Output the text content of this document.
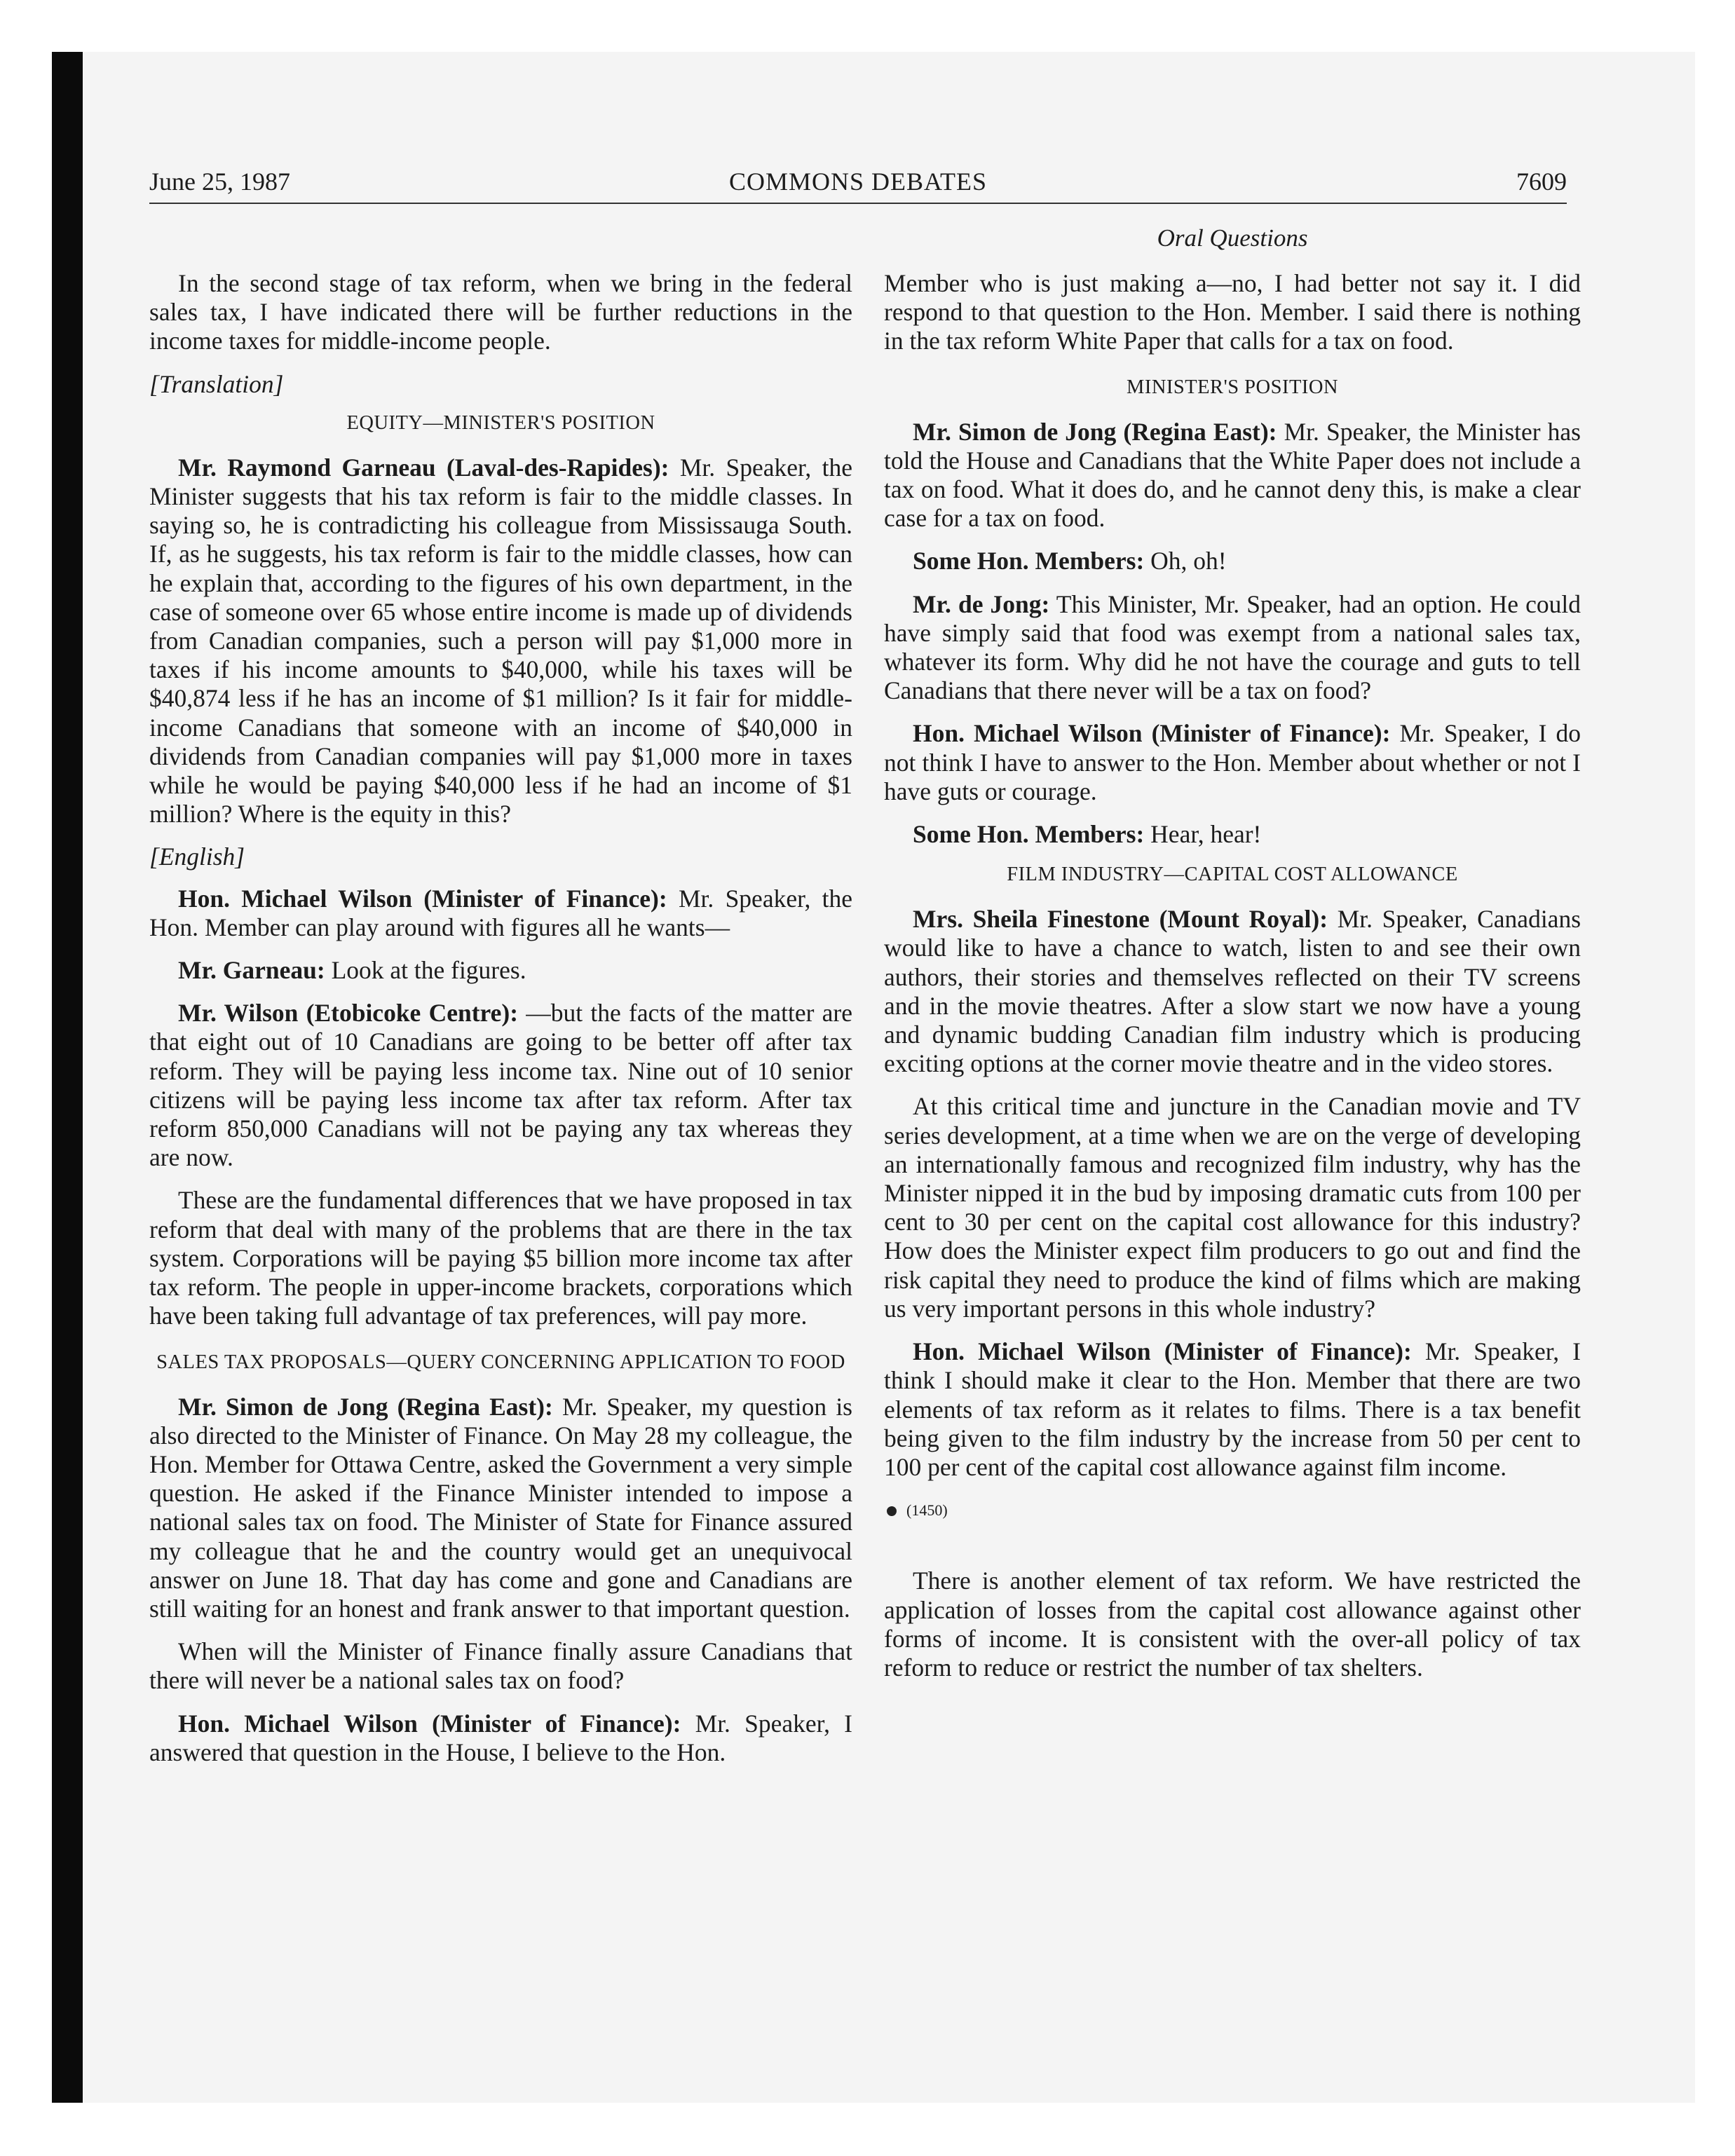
June 25, 1987	COMMONS DEBATES	7609

In the second stage of tax reform, when we bring in the federal sales tax, I have indicated there will be further reductions in the income taxes for middle-income people.

[Translation]

EQUITY—MINISTER'S POSITION

Mr. Raymond Garneau (Laval-des-Rapides): Mr. Speaker, the Minister suggests that his tax reform is fair to the middle classes. In saying so, he is contradicting his colleague from Mississauga South. If, as he suggests, his tax reform is fair to the middle classes, how can he explain that, according to the figures of his own department, in the case of someone over 65 whose entire income is made up of dividends from Canadian companies, such a person will pay $1,000 more in taxes if his income amounts to $40,000, while his taxes will be $40,874 less if he has an income of $1 million? Is it fair for middle-income Canadians that someone with an income of $40,000 in dividends from Canadian companies will pay $1,000 more in taxes while he would be paying $40,000 less if he had an income of $1 million? Where is the equity in this?

[English]

Hon. Michael Wilson (Minister of Finance): Mr. Speaker, the Hon. Member can play around with figures all he wants—

Mr. Garneau: Look at the figures.

Mr. Wilson (Etobicoke Centre): —but the facts of the matter are that eight out of 10 Canadians are going to be better off after tax reform. They will be paying less income tax. Nine out of 10 senior citizens will be paying less income tax after tax reform. After tax reform 850,000 Canadians will not be paying any tax whereas they are now.

These are the fundamental differences that we have proposed in tax reform that deal with many of the problems that are there in the tax system. Corporations will be paying $5 billion more income tax after tax reform. The people in upper-income brackets, corporations which have been taking full advantage of tax preferences, will pay more.

SALES TAX PROPOSALS—QUERY CONCERNING APPLICATION TO FOOD

Mr. Simon de Jong (Regina East): Mr. Speaker, my question is also directed to the Minister of Finance. On May 28 my colleague, the Hon. Member for Ottawa Centre, asked the Government a very simple question. He asked if the Finance Minister intended to impose a national sales tax on food. The Minister of State for Finance assured my colleague that he and the country would get an unequivocal answer on June 18. That day has come and gone and Canadians are still waiting for an honest and frank answer to that important question.

When will the Minister of Finance finally assure Canadians that there will never be a national sales tax on food?

Hon. Michael Wilson (Minister of Finance): Mr. Speaker, I answered that question in the House, I believe to the Hon.

Oral Questions

Member who is just making a—no, I had better not say it. I did respond to that question to the Hon. Member. I said there is nothing in the tax reform White Paper that calls for a tax on food.

MINISTER'S POSITION

Mr. Simon de Jong (Regina East): Mr. Speaker, the Minister has told the House and Canadians that the White Paper does not include a tax on food. What it does do, and he cannot deny this, is make a clear case for a tax on food.

Some Hon. Members: Oh, oh!

Mr. de Jong: This Minister, Mr. Speaker, had an option. He could have simply said that food was exempt from a national sales tax, whatever its form. Why did he not have the courage and guts to tell Canadians that there never will be a tax on food?

Hon. Michael Wilson (Minister of Finance): Mr. Speaker, I do not think I have to answer to the Hon. Member about whether or not I have guts or courage.

Some Hon. Members: Hear, hear!

FILM INDUSTRY—CAPITAL COST ALLOWANCE

Mrs. Sheila Finestone (Mount Royal): Mr. Speaker, Canadians would like to have a chance to watch, listen to and see their own authors, their stories and themselves reflected on their TV screens and in the movie theatres. After a slow start we now have a young and dynamic budding Canadian film industry which is producing exciting options at the corner movie theatre and in the video stores.

At this critical time and juncture in the Canadian movie and TV series development, at a time when we are on the verge of developing an internationally famous and recognized film industry, why has the Minister nipped it in the bud by imposing dramatic cuts from 100 per cent to 30 per cent on the capital cost allowance for this industry? How does the Minister expect film producers to go out and find the risk capital they need to produce the kind of films which are making us very important persons in this whole industry?

Hon. Michael Wilson (Minister of Finance): Mr. Speaker, I think I should make it clear to the Hon. Member that there are two elements of tax reform as it relates to films. There is a tax benefit being given to the film industry by the increase from 50 per cent to 100 per cent of the capital cost allowance against film income.

(1450)

There is another element of tax reform. We have restricted the application of losses from the capital cost allowance against other forms of income. It is consistent with the over-all policy of tax reform to reduce or restrict the number of tax shelters.
